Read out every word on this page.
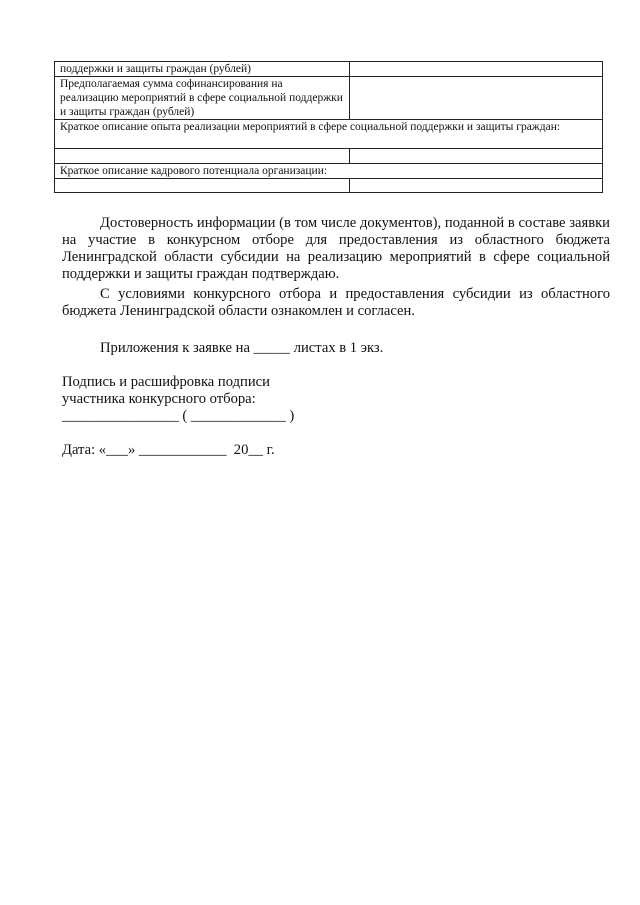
поддержки и защиты граждан (рублей)	
Предполагаемая сумма софинансирования на реализацию мероприятий в сфере социальной поддержки и защиты граждан (рублей)	
Краткое описание опыта реализации мероприятий в сфере социальной поддержки и защиты граждан:	

Краткое описание кадрового потенциала организации:	

Достоверность информации (в том числе документов), поданной в составе заявки на участие в конкурсном отборе для предоставления из областного бюджета Ленинградской области субсидии на реализацию мероприятий в сфере социальной поддержки и защиты граждан подтверждаю.

С условиями конкурсного отбора и предоставления субсидии из областного бюджета Ленинградской области ознакомлен и согласен.

Приложения к заявке на _____ листах в 1 экз.

Подпись и расшифровка подписи
участника конкурсного отбора:
________________ ( _____________ )
Дата: «___» ____________  20__ г.
